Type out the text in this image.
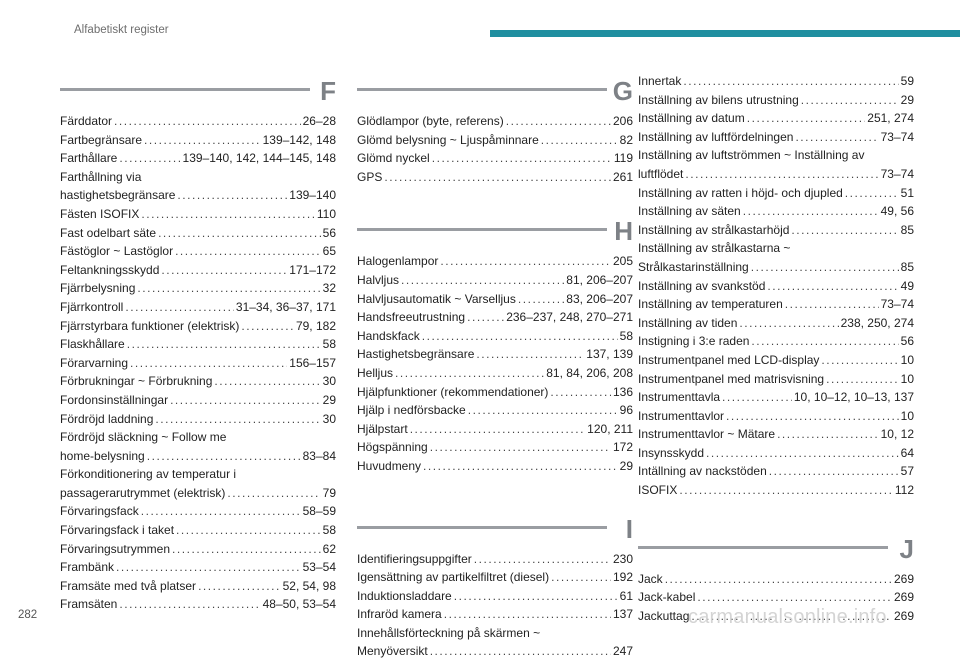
Alfabetiskt register
F
Färddator . . .	26–28
Fartbegränsare . . .	139–142, 148
Farthållare . . .	139–140, 142, 144–145, 148
Farthållning via
hastighetsbegränsare . . .	139–140
Fästen ISOFIX . . .	110
Fast odelbart säte . . .	56
Fästöglor ~ Lastöglor . . .	65
Feltankningsskydd . . .	171–172
Fjärrbelysning . . .	32
Fjärrkontroll . . .	31–34, 36–37, 171
Fjärrstyrbara funktioner (elektrisk) . . .	79, 182
Flaskhållare . . .	58
Förarvarning . . .	156–157
Förbrukningar ~ Förbrukning . . .	30
Fordonsinställningar . . .	29
Fördröjd laddning . . .	30
Fördröjd släckning ~ Follow me
home-belysning . . .	83–84
Förkonditionering av temperatur i
passagerarutrymmet (elektrisk) . . .	79
Förvaringsfack . . .	58–59
Förvaringsfack i taket . . .	58
Förvaringsutrymmen . . .	62
Frambänk . . .	53–54
Framsäte med två platser . . .	52, 54, 98
Framsäten . . .	48–50, 53–54
G
Glödlampor (byte, referens) . . .	206
Glömd belysning ~ Ljuspåminnare . . .	82
Glömd nyckel . . .	119
GPS . . .	261
H
Halogenlampor . . .	205
Halvljus . . .	81, 206–207
Halvljusautomatik ~ Varselljus . . .	83, 206–207
Handsfreeutrustning . . .	236–237, 248, 270–271
Handskfack . . .	58
Hastighetsbegränsare . . .	137, 139
Helljus . . .	81, 84, 206, 208
Hjälpfunktioner (rekommendationer) . . .	136
Hjälp i nedförsbacke . . .	96
Hjälpstart . . .	120, 211
Högspänning . . .	172
Huvudmeny . . .	29
I
Identifieringsuppgifter . . .	230
Igensättning av partikelfiltret (diesel) . . .	192
Induktionsladdare . . .	61
Infraröd kamera . . .	137
Innehållsförteckning på skärmen ~
Menyöversikt . . .	247
Innertak . . .	59
Inställning av bilens utrustning . . .	29
Inställning av datum . . .	251, 274
Inställning av luftfördelningen . . .	73–74
Inställning av luftströmmen ~ Inställning av
luftflödet . . .	73–74
Inställning av ratten i höjd- och djupled . . .	51
Inställning av säten . . .	49, 56
Inställning av strålkastarhöjd . . .	85
Inställning av strålkastarna ~
Strålkastarinställning . . .	85
Inställning av svankstöd . . .	49
Inställning av temperaturen . . .	73–74
Inställning av tiden . . .	238, 250, 274
Instigning i 3:e raden . . .	56
Instrumentpanel med LCD-display . . .	10
Instrumentpanel med matrisvisning . . .	10
Instrumenttavla . . .	10, 10–12, 10–13, 137
Instrumenttavlor . . .	10
Instrumenttavlor ~ Mätare . . .	10, 12
Insynsskydd . . .	64
Intällning av nackstöden . . .	57
ISOFIX . . .	112
J
Jack . . .	269
Jack-kabel . . .	269
Jackuttag . . .	269
282	carmanualsonline.info
